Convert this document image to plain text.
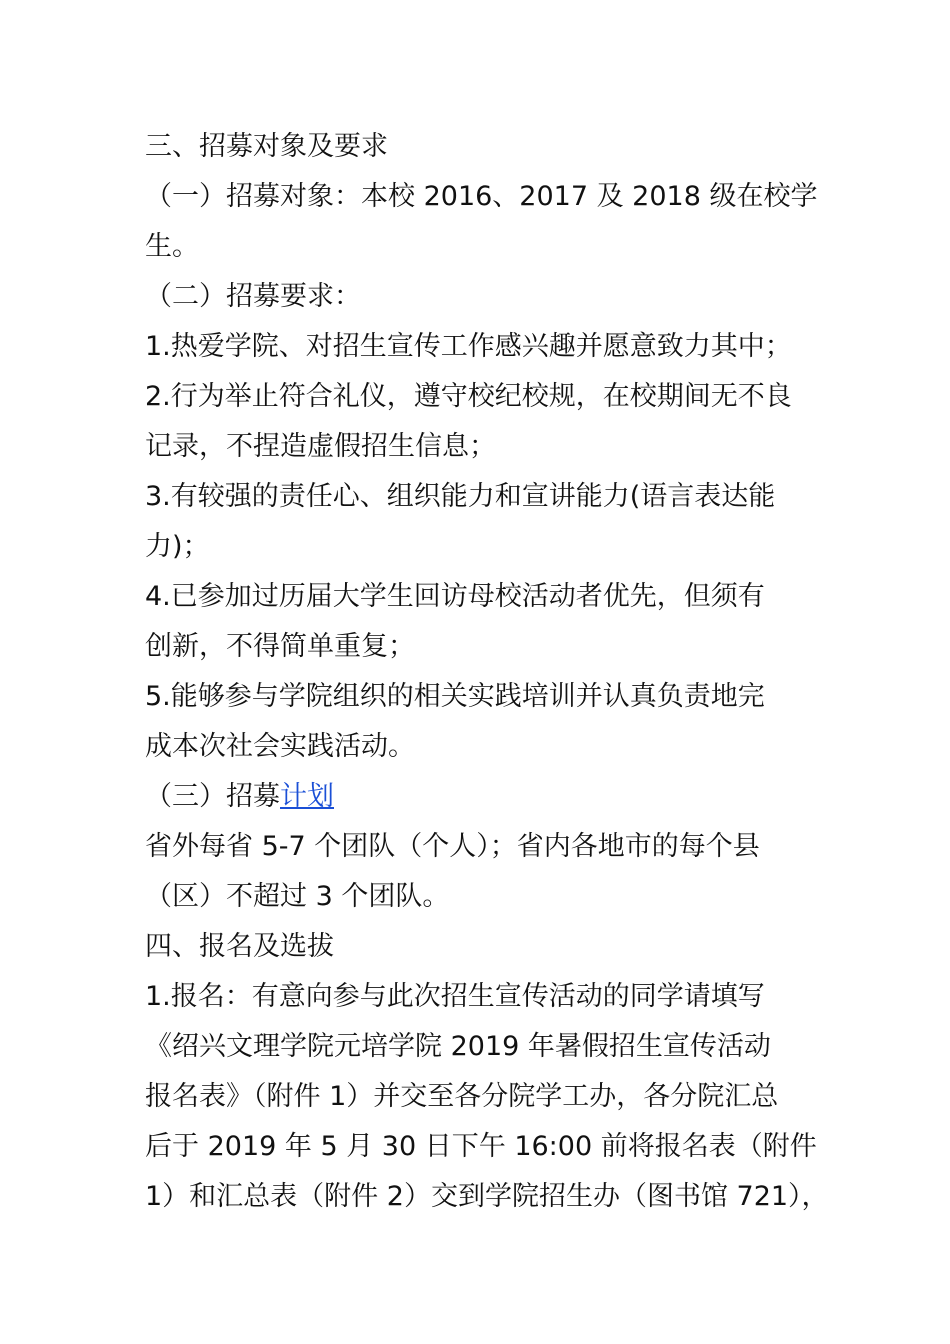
三、招募对象及要求
（一）招募对象：本校 2016、2017 及 2018 级在校学
生。
（二）招募要求：
1.热爱学院、对招生宣传工作感兴趣并愿意致力其中；
2.行为举止符合礼仪，遵守校纪校规，在校期间无不良
记录，不捏造虚假招生信息；
3.有较强的责任心、组织能力和宣讲能力(语言表达能
力)；
4.已参加过历届大学生回访母校活动者优先，但须有
创新，不得简单重复；
5.能够参与学院组织的相关实践培训并认真负责地完
成本次社会实践活动。
（三）招募计划
省外每省 5-7 个团队（个人）；省内各地市的每个县
（区）不超过 3 个团队。
四、报名及选拔
1.报名：有意向参与此次招生宣传活动的同学请填写
《绍兴文理学院元培学院 2019 年暑假招生宣传活动
报名表》（附件 1）并交至各分院学工办，各分院汇总
后于 2019 年 5 月 30 日下午 16:00 前将报名表（附件
1）和汇总表（附件 2）交到学院招生办（图书馆 721），
